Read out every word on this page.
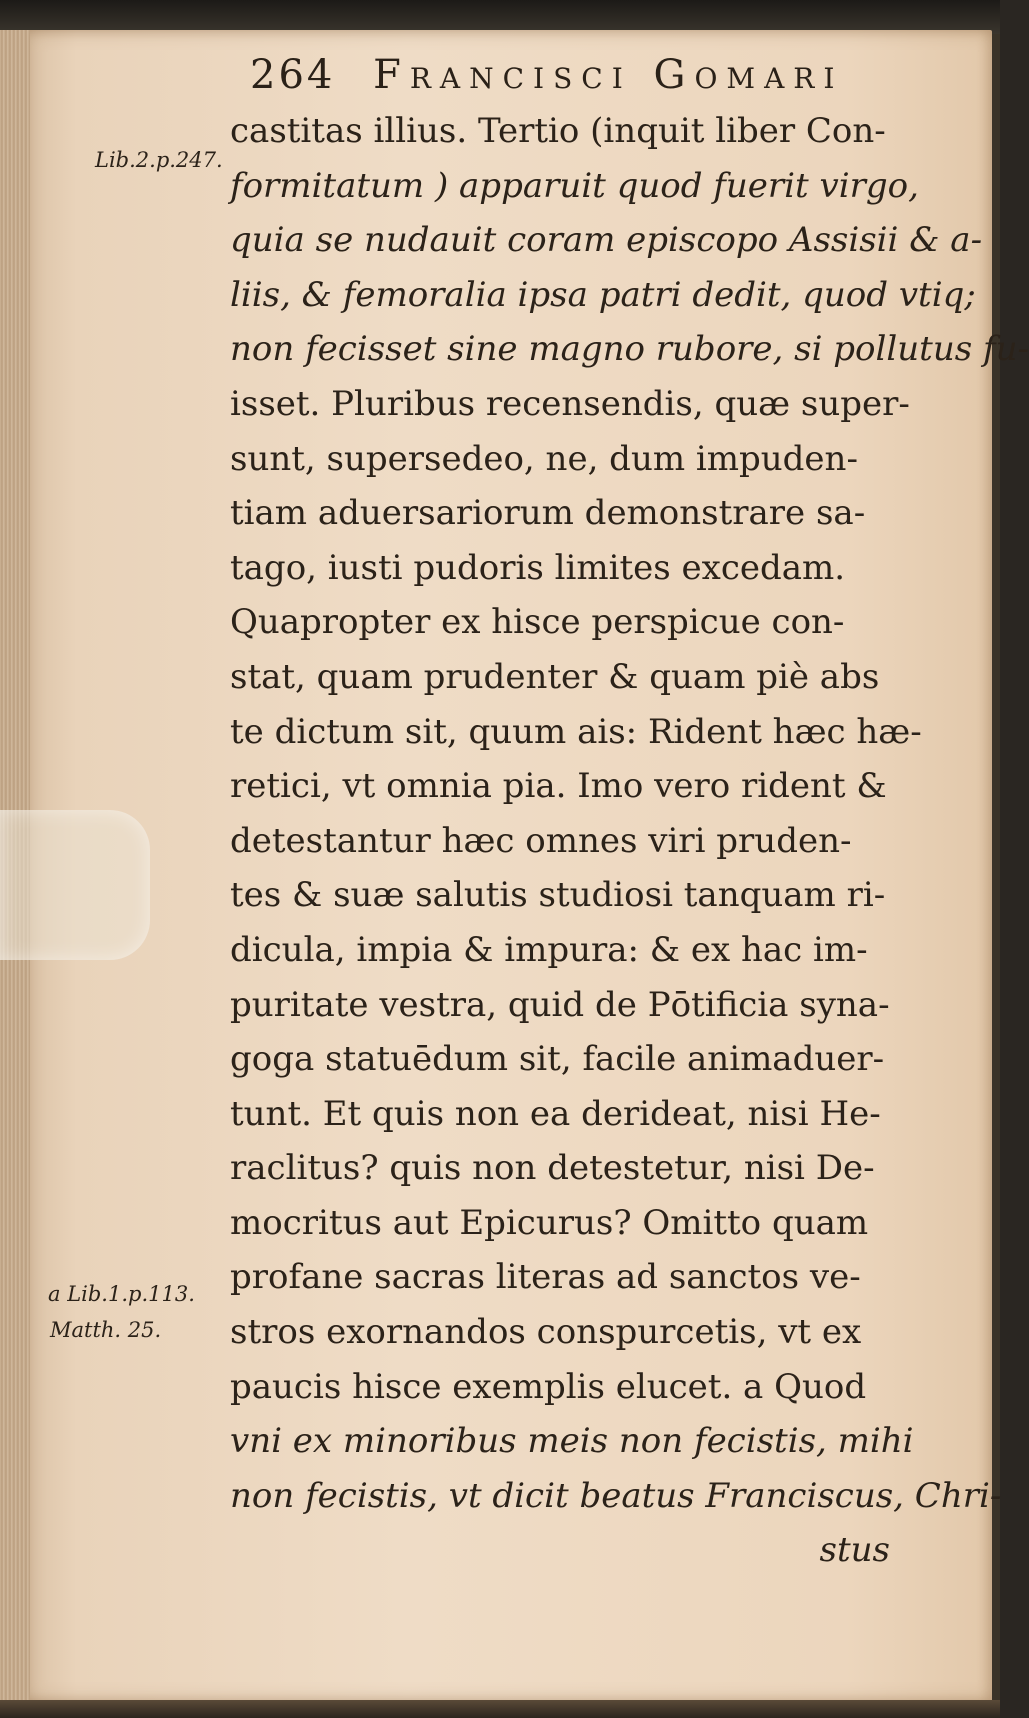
264 Francisci Gomari
Lib.2.p.247.
a Lib.1.p.113.
Matth. 25.
castitas illius. Tertio (inquit liber Con-
formitatum ) apparuit quod fuerit virgo,
quia se nudauit coram episcopo Assisii & a-
liis, & femoralia ipsa patri dedit, quod vtiq;
non fecisset sine magno rubore, si pollutus fu-
isset. Pluribus recensendis, quæ super-
sunt, supersedeo, ne, dum impuden-
tiam aduersariorum demonstrare sa-
tago, iusti pudoris limites excedam.
Quapropter ex hisce perspicue con-
stat, quam prudenter & quam piè abs
te dictum sit, quum ais: Rident hæc hæ-
retici, vt omnia pia. Imo vero rident &
detestantur hæc omnes viri pruden-
tes & suæ salutis studiosi tanquam ri-
dicula, impia & impura: & ex hac im-
puritate vestra, quid de Pōtificia syna-
goga statuēdum sit, facile animaduer-
tunt. Et quis non ea derideat, nisi He-
raclitus? quis non detestetur, nisi De-
mocritus aut Epicurus? Omitto quam
profane sacras literas ad sanctos ve-
stros exornandos conspurcetis, vt ex
paucis hisce exemplis elucet. a Quod
vni ex minoribus meis non fecistis, mihi
non fecistis, vt dicit beatus Franciscus, Chri-
stus
